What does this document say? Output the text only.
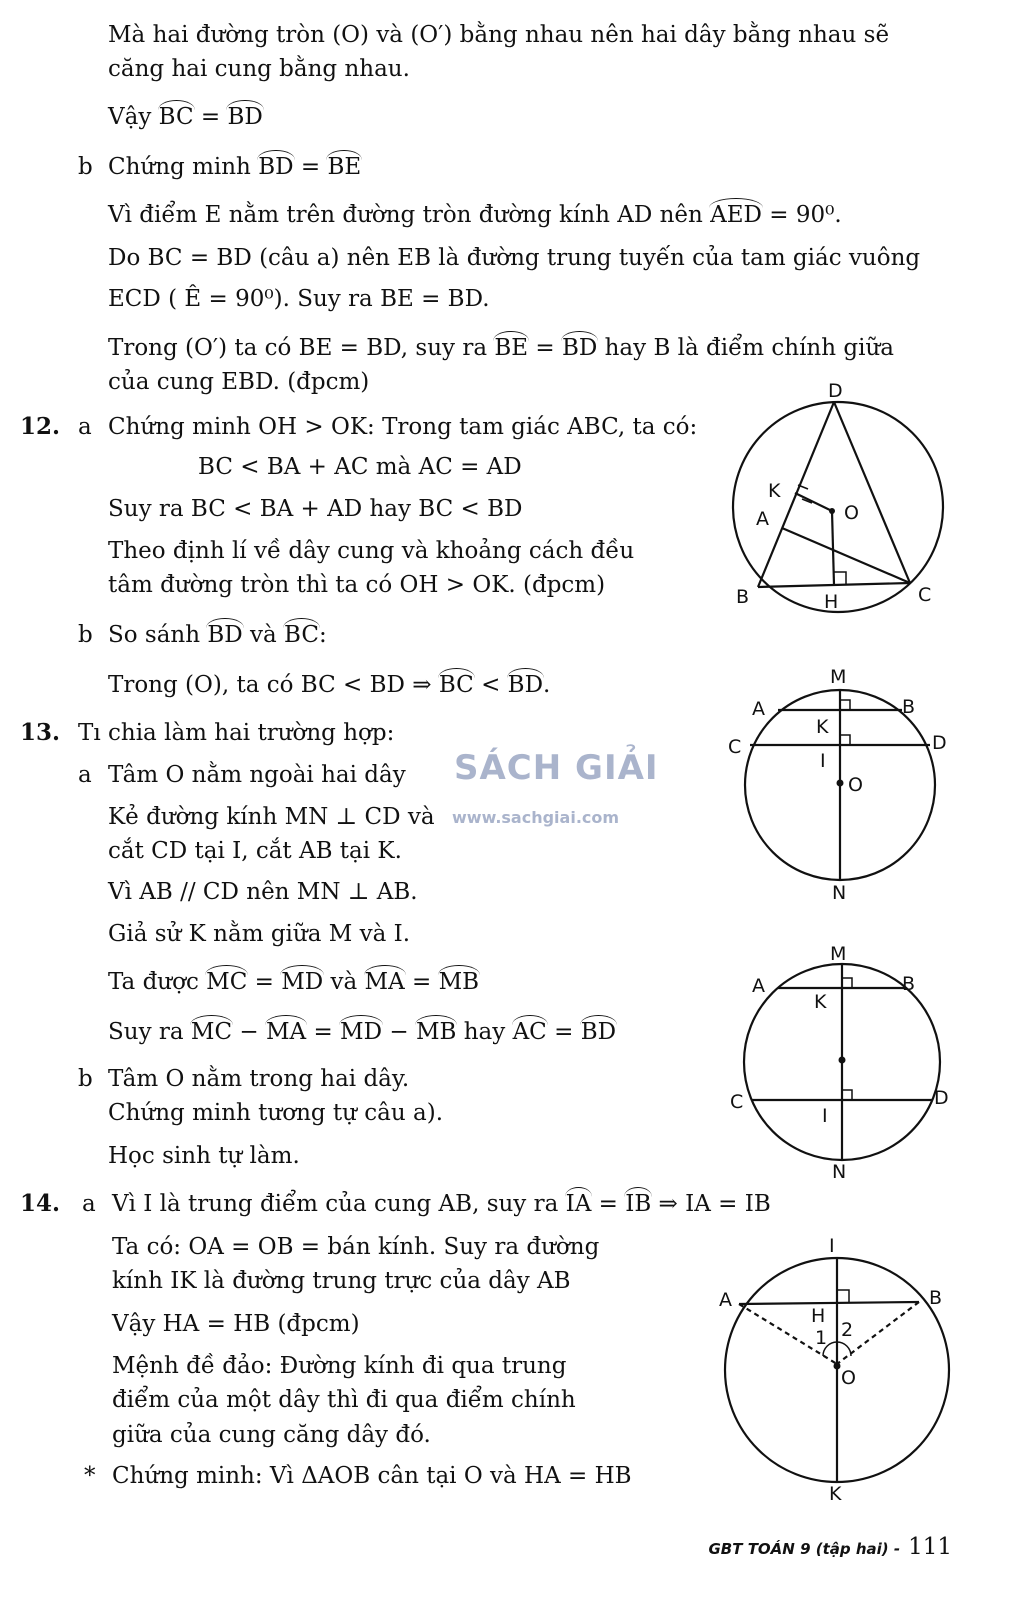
Mà hai đường tròn (O) và (O′) bằng nhau nên hai dây bằng nhau sẽ
căng hai cung bằng nhau.
Vậy BC = BD
b Chứng minh BD = BE
Vì điểm E nằm trên đường tròn đường kính AD nên AED = 90⁰.
Do BC = BD (câu a) nên EB là đường trung tuyến của tam giác vuông
ECD ( Ê = 90⁰). Suy ra BE = BD.
Trong (O′) ta có BE = BD, suy ra BE = BD hay B là điểm chính giữa
của cung EBD. (đpcm)
12. a Chứng minh OH > OK: Trong tam giác ABC, ta có:
BC < BA + AC mà AC = AD
Suy ra BC < BA + AD hay BC < BD
Theo định lí về dây cung và khoảng cách đều
tâm đường tròn thì ta có OH > OK. (đpcm)
b So sánh BD và BC:
Trong (O), ta có BC < BD ⇒ BC < BD.
13. Tı chia làm hai trường hợp:
a Tâm O nằm ngoài hai dây
Kẻ đường kính MN ⊥ CD và
cắt CD tại I, cắt AB tại K.
Vì AB // CD nên MN ⊥ AB.
Giả sử K nằm giữa M và I.
Ta được MC = MD và MA = MB
Suy ra MC − MA = MD − MB hay AC = BD
b Tâm O nằm trong hai dây.
Chứng minh tương tự câu a).
Học sinh tự làm.
14. a Vì I là trung điểm của cung AB, suy ra IA = IB ⇒ IA = IB
Ta có: OA = OB = bán kính. Suy ra đường
kính IK là đường trung trực của dây AB
Vậy HA = HB (đpcm)
Mệnh đề đảo: Đường kính đi qua trung
điểm của một dây thì đi qua điểm chính
giữa của cung căng dây đó.
* Chứng minh: Vì ΔAOB cân tại O và HA = HB
SÁCH GIẢI
www.sachgiai.com
D
K
O
A
B	H	C
M
A	B
K
C	D
I
O
N
M
A	B
K
C	D
I
N
I
A	B
H
1 2
O
K
GBT TOÁN 9 (tập hai) - 111
